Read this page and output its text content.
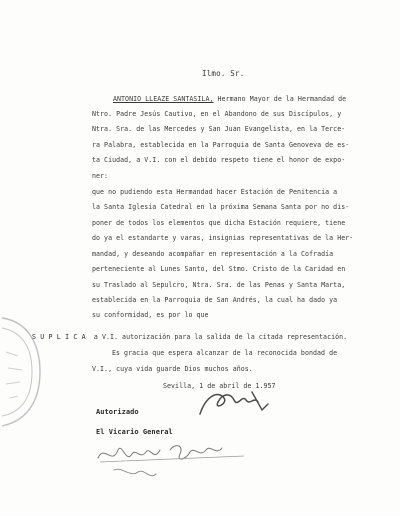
Ilmo. Sr.
ANTONIO LLEAZE SANTASILA, Hermano Mayor de la Hermandad de
Ntro. Padre Jesús Cautivo, en el Abandono de sus Discípulos, y
Ntra. Sra. de las Mercedes y San Juan Evangelista, en la Terce-
ra Palabra, establecida en la Parroquia de Santa Genoveva de es-
ta Ciudad, a V.I. con el debido respeto tiene el honor de expo-
ner:
que no pudiendo esta Hermandad hacer Estación de Penitencia a
la Santa Iglesia Catedral en la próxima Semana Santa por no dis-
poner de todos los elementos que dicha Estación requiere, tiene
do ya el estandarte y varas, insignias representativas de la Her-
mandad, y deseando acompañar en representación a la Cofradía
perteneciente al Lunes Santo, del Stmo. Cristo de la Caridad en
su Traslado al Sepulcro, Ntra. Sra. de las Penas y Santa Marta,
establecida en la Parroquia de San Andrés, la cual ha dado ya
su conformidad, es por lo que
SUPLICA a V.I. autorización para la salida de la citada representación.
Es gracia que espera alcanzar de la reconocida bondad de
V.I., cuya vida guarde Dios muchos años.
Sevilla, 1 de abril de 1.957
Autorizado
El Vicario General
